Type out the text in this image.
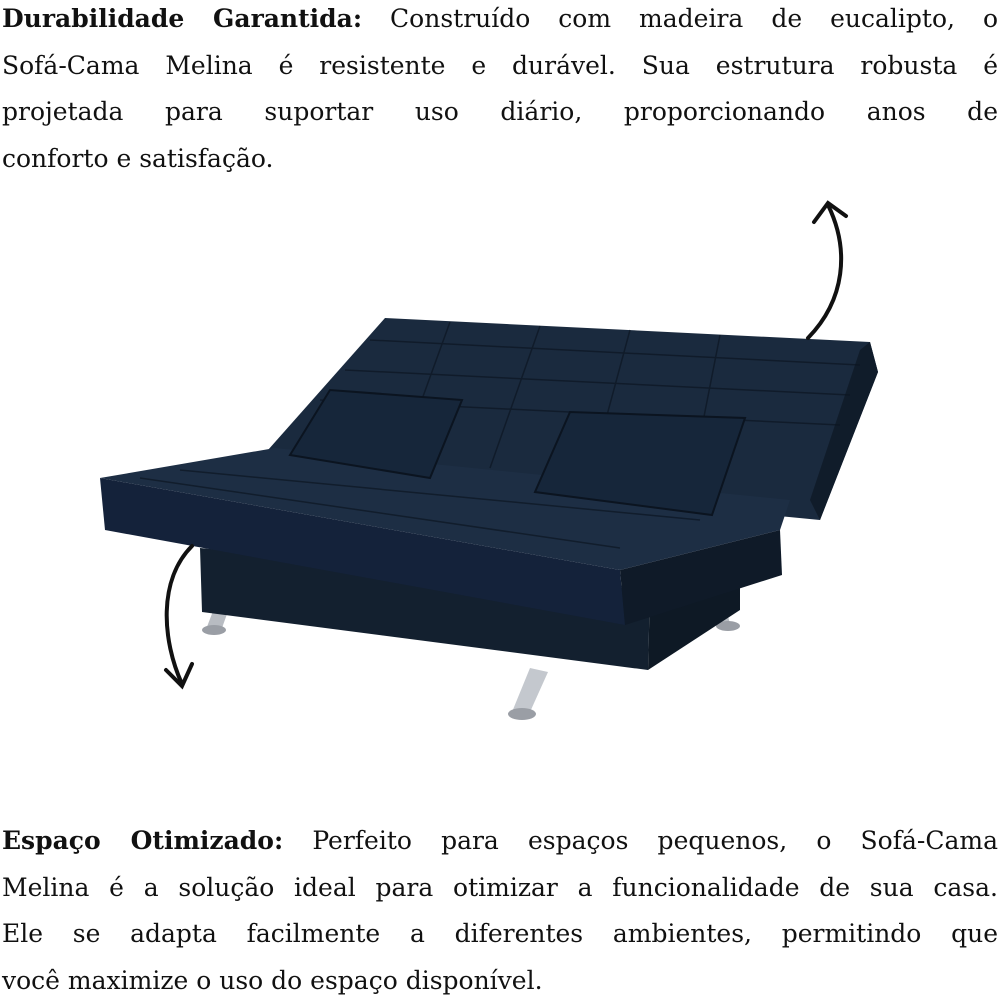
Durabilidade Garantida: Construído com madeira de eucalipto, o
Sofá-Cama Melina é resistente e durável. Sua estrutura robusta é
projetada para suportar uso diário, proporcionando anos de
conforto e satisfação.
Espaço Otimizado: Perfeito para espaços pequenos, o Sofá-Cama
Melina é a solução ideal para otimizar a funcionalidade de sua casa.
Ele se adapta facilmente a diferentes ambientes, permitindo que
você maximize o uso do espaço disponível.
